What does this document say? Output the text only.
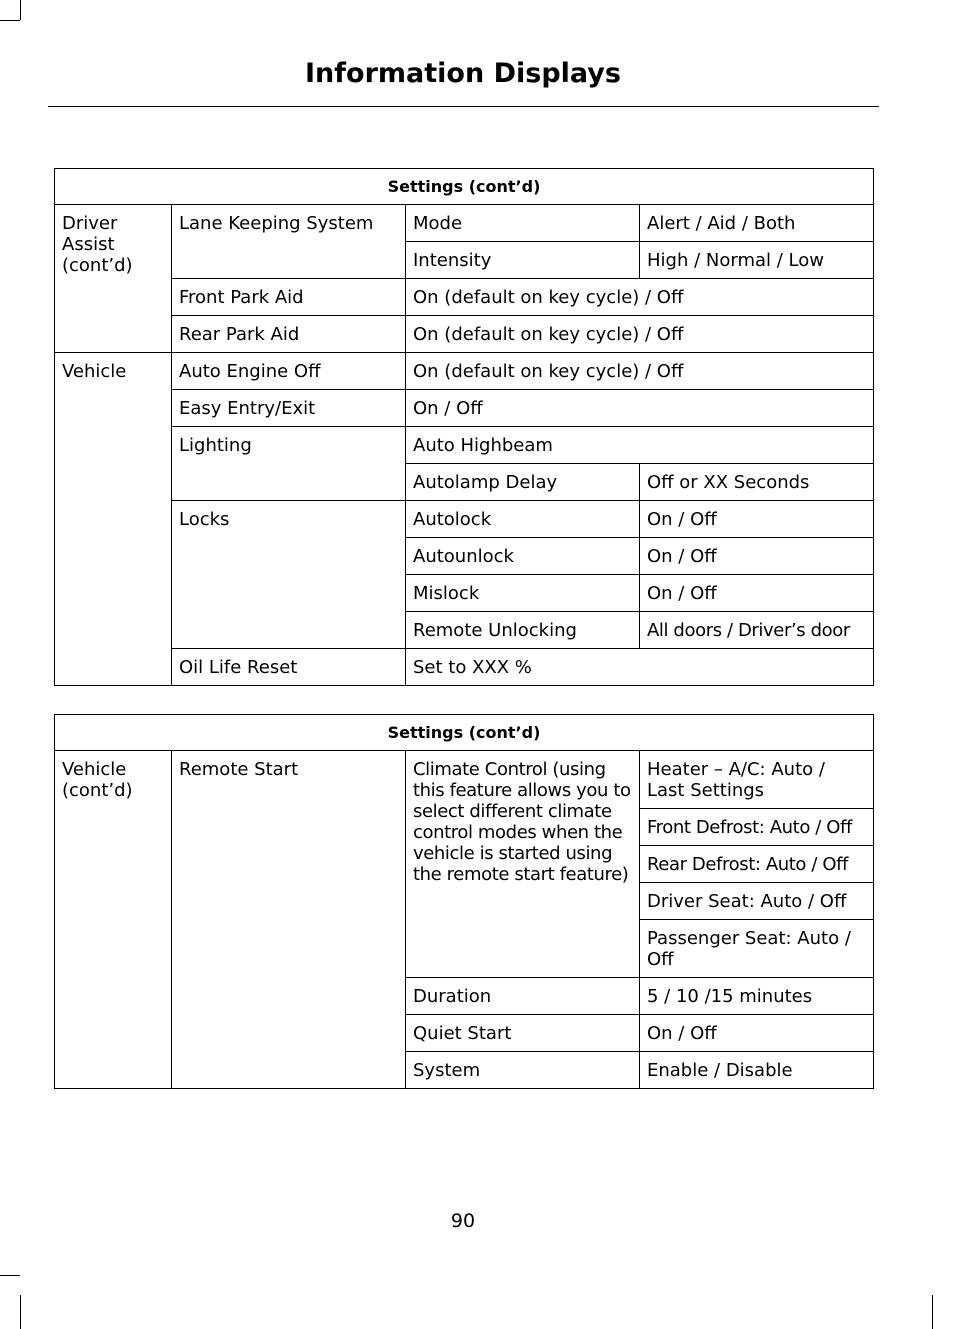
Information Displays
Settings (cont’d)			
Driver Assist (cont’d)	Lane Keeping System	Mode	Alert / Aid / Both
		Intensity	High / Normal / Low
	Front Park Aid	On (default on key cycle) / Off	
	Rear Park Aid	On (default on key cycle) / Off	
Vehicle	Auto Engine Off	On (default on key cycle) / Off	
	Easy Entry/Exit	On / Off	
	Lighting	Auto Highbeam	
		Autolamp Delay	Off or XX Seconds
	Locks	Autolock	On / Off
		Autounlock	On / Off
		Mislock	On / Off
		Remote Unlocking	All doors / Driver’s door
	Oil Life Reset	Set to XXX %	
Settings (cont’d)			
Vehicle (cont’d)	Remote Start	Climate Control (using this feature allows you to select different climate control modes when the vehicle is started using the remote start feature)	Heater – A/C: Auto / Last Settings
			Front Defrost: Auto / Off
			Rear Defrost: Auto / Off
			Driver Seat: Auto / Off
			Passenger Seat: Auto / Off
		Duration	5 / 10 /15 minutes
		Quiet Start	On / Off
		System	Enable / Disable
90
